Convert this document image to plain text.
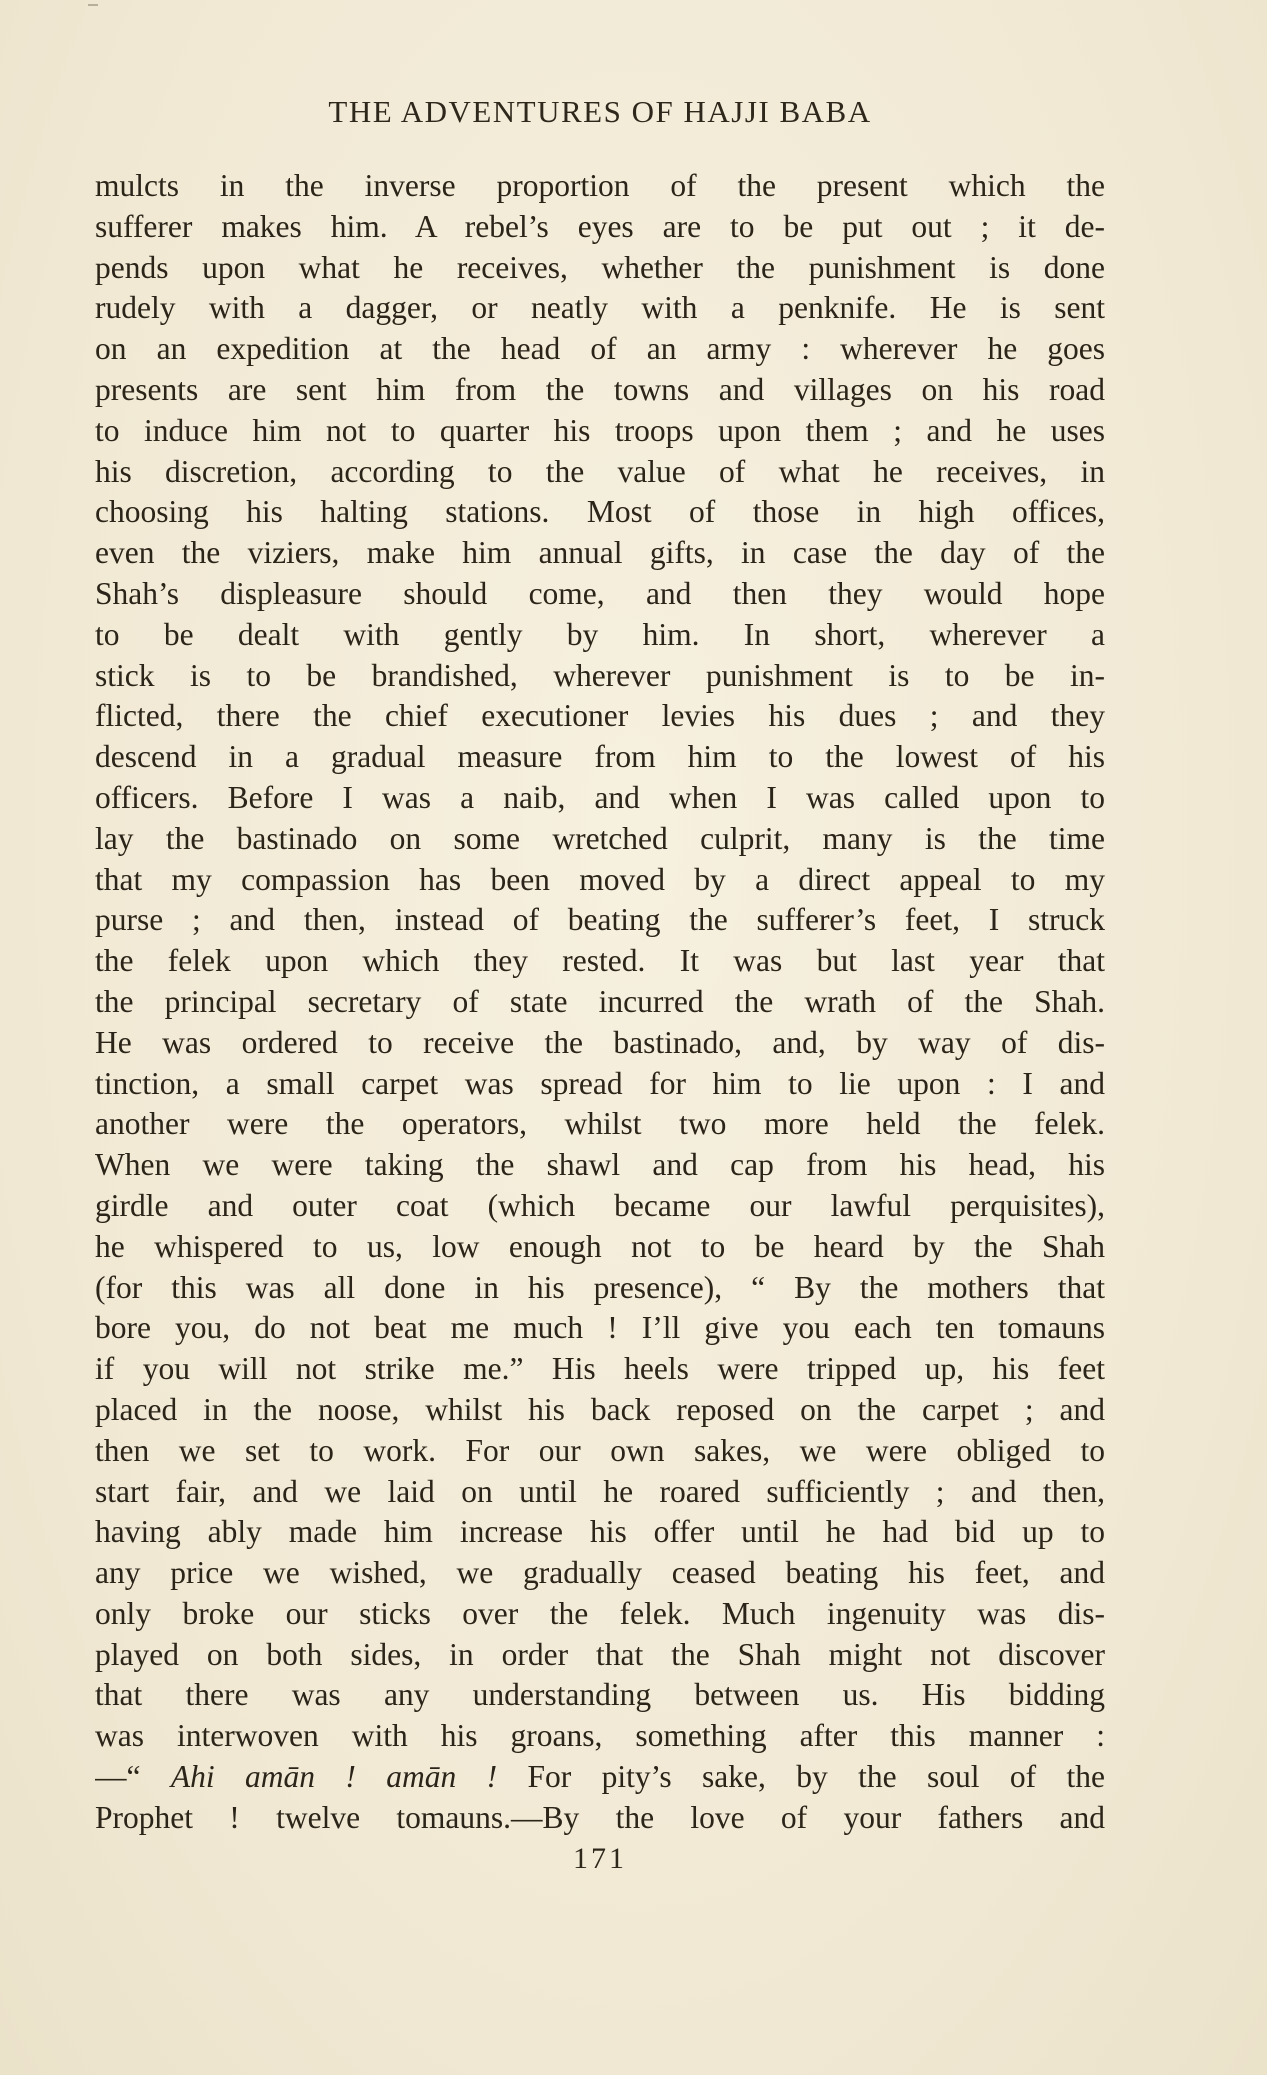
THE ADVENTURES OF HAJJI BABA
mulcts in the inverse proportion of the present which the
sufferer makes him. A rebel’s eyes are to be put out ; it de-
pends upon what he receives, whether the punishment is done
rudely with a dagger, or neatly with a penknife. He is sent
on an expedition at the head of an army : wherever he goes
presents are sent him from the towns and villages on his road
to induce him not to quarter his troops upon them ; and he uses
his discretion, according to the value of what he receives, in
choosing his halting stations. Most of those in high offices,
even the viziers, make him annual gifts, in case the day of the
Shah’s displeasure should come, and then they would hope
to be dealt with gently by him. In short, wherever a
stick is to be brandished, wherever punishment is to be in-
flicted, there the chief executioner levies his dues ; and they
descend in a gradual measure from him to the lowest of his
officers. Before I was a naib, and when I was called upon to
lay the bastinado on some wretched culprit, many is the time
that my compassion has been moved by a direct appeal to my
purse ; and then, instead of beating the sufferer’s feet, I struck
the felek upon which they rested. It was but last year that
the principal secretary of state incurred the wrath of the Shah.
He was ordered to receive the bastinado, and, by way of dis-
tinction, a small carpet was spread for him to lie upon : I and
another were the operators, whilst two more held the felek.
When we were taking the shawl and cap from his head, his
girdle and outer coat (which became our lawful perquisites),
he whispered to us, low enough not to be heard by the Shah
(for this was all done in his presence), “ By the mothers that
bore you, do not beat me much ! I’ll give you each ten tomauns
if you will not strike me.” His heels were tripped up, his feet
placed in the noose, whilst his back reposed on the carpet ; and
then we set to work. For our own sakes, we were obliged to
start fair, and we laid on until he roared sufficiently ; and then,
having ably made him increase his offer until he had bid up to
any price we wished, we gradually ceased beating his feet, and
only broke our sticks over the felek. Much ingenuity was dis-
played on both sides, in order that the Shah might not discover
that there was any understanding between us. His bidding
was interwoven with his groans, something after this manner :
—“ Ahi amān ! amān ! For pity’s sake, by the soul of the
Prophet ! twelve tomauns.—By the love of your fathers and
171
